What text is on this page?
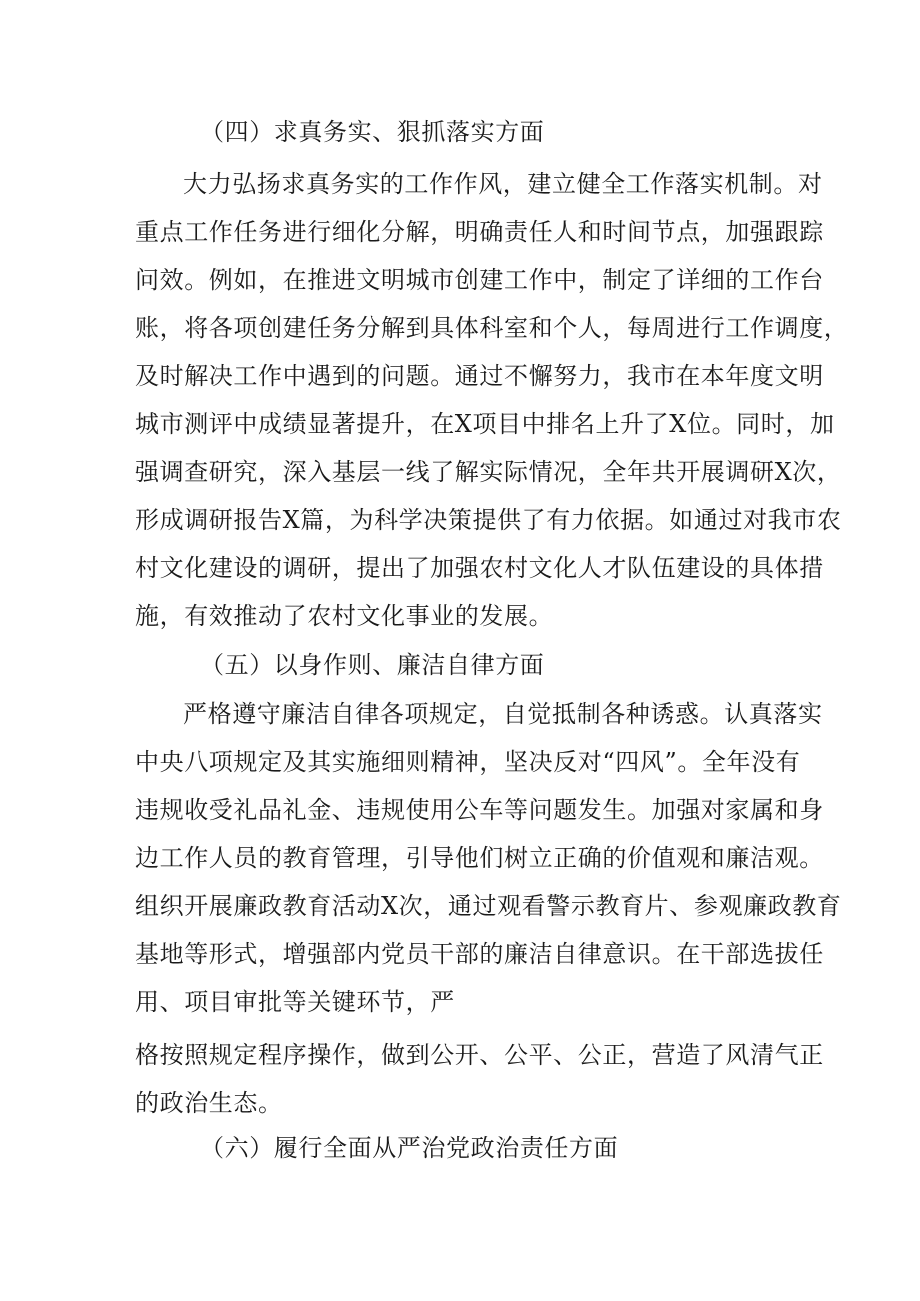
（四）求真务实、狠抓落实方面
大力弘扬求真务实的工作作风，建立健全工作落实机制。对
重点工作任务进行细化分解，明确责任人和时间节点，加强跟踪
问效。例如，在推进文明城市创建工作中，制定了详细的工作台
账，将各项创建任务分解到具体科室和个人，每周进行工作调度，
及时解决工作中遇到的问题。通过不懈努力，我市在本年度文明
城市测评中成绩显著提升，在X项目中排名上升了X位。同时，加
强调查研究，深入基层一线了解实际情况，全年共开展调研X次，
形成调研报告X篇，为科学决策提供了有力依据。如通过对我市农
村文化建设的调研，提出了加强农村文化人才队伍建设的具体措
施，有效推动了农村文化事业的发展。
（五）以身作则、廉洁自律方面
严格遵守廉洁自律各项规定，自觉抵制各种诱惑。认真落实
中央八项规定及其实施细则精神，坚决反对“四风”。全年没有
违规收受礼品礼金、违规使用公车等问题发生。加强对家属和身
边工作人员的教育管理，引导他们树立正确的价值观和廉洁观。
组织开展廉政教育活动X次，通过观看警示教育片、参观廉政教育
基地等形式，增强部内党员干部的廉洁自律意识。在干部选拔任
用、项目审批等关键环节，严
格按照规定程序操作，做到公开、公平、公正，营造了风清气正
的政治生态。
（六）履行全面从严治党政治责任方面
